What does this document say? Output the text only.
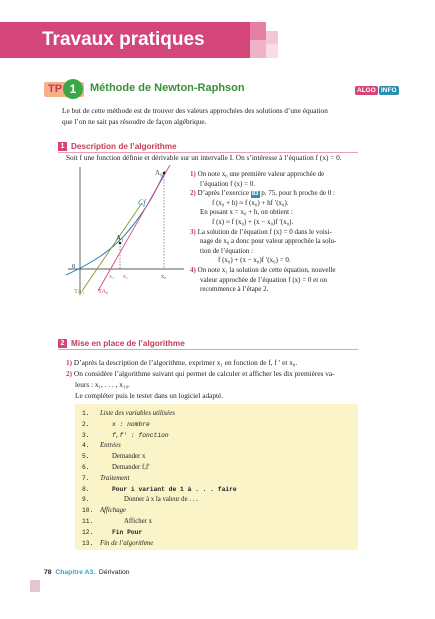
Travaux pratiques
TP 1	Méthode de Newton-Raphson	ALGO INFO
Le but de cette méthode est de trouver des valeurs approchées des solutions d’une équation
que l’on ne sait pas résoudre de façon algébrique.
1 Description de l’algorithme
Soit f une fonction définie et dérivable sur un intervalle I. On s’intéresse à l’équation f (x) = 0.
Cf
A₀
A₁
0
x₀
x₂ x₁
TA₁ TA₀
1) On note x₀ une première valeur approchée de
l’équation f (x) = 0.
2) D’après l’exercice 83 p. 75, pour h proche de 0 :
f (x₀ + h) ≈ f (x₀) + hf ′(x₀).
En posant x = x₀ + h, on obtient :
f (x) ≈ f (x₀) + (x − x₀)f ′(x₀).
3) La solution de l’équation f (x) = 0 dans le voisi-
nage de x₀ a donc pour valeur approchée la solu-
tion de l’équation :
f (x₀) + (x − x₀)f ′(x₀) = 0.
4) On note x₁ la solution de cette équation, nouvelle
valeur approchée de l’équation f (x) = 0 et on
recommence à l’étape 2.
2 Mise en place de l’algorithme
1) D’après la description de l’algorithme, exprimer x₁ en fonction de f, f ′ et x₀.
2) On considère l’algorithme suivant qui permet de calculer et afficher les dix premières va-
leurs : x₁, . . . , x₁₀.
Le compléter puis le tester dans un logiciel adapté.
1. Liste des variables utilisées
2.	x : nombre
3.	f,f′ : fonction
4. Entrées
5.	Demander x
6.	Demander f,f′
7. Traitement
8.	Pour i variant de 1 à . . . faire
9.	Donner à x la valeur de . . .
10. Affichage
11.	Afficher x
12.	Fin Pour
13. Fin de l’algorithme
78 Chapitre A3. Dérivation
